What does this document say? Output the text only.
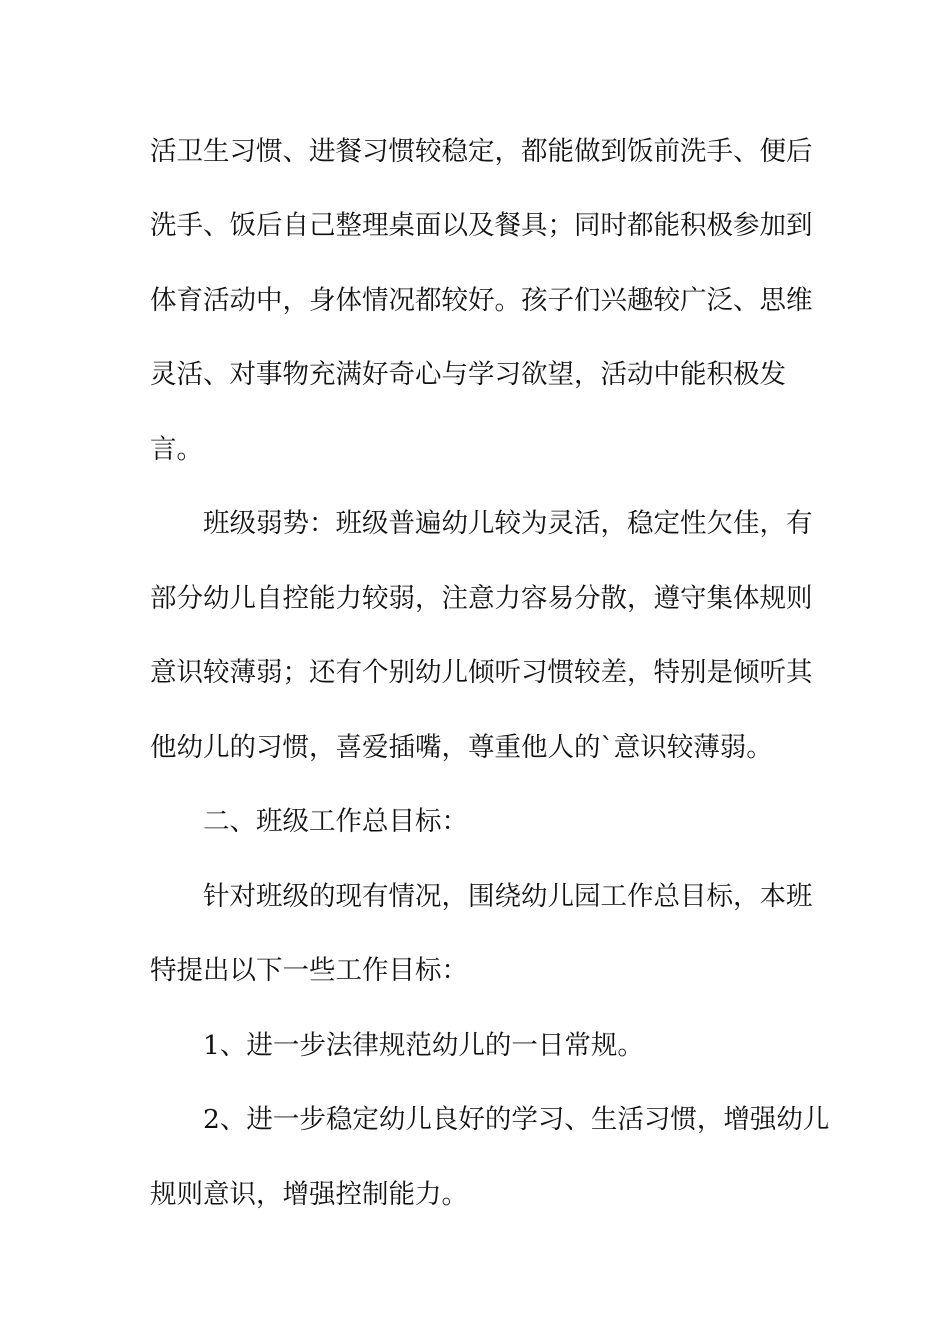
活卫生习惯、进餐习惯较稳定，都能做到饭前洗手、便后
洗手、饭后自己整理桌面以及餐具；同时都能积极参加到
体育活动中，身体情况都较好。孩子们兴趣较广泛、思维
灵活、对事物充满好奇心与学习欲望，活动中能积极发
言。
班级弱势：班级普遍幼儿较为灵活，稳定性欠佳，有
部分幼儿自控能力较弱，注意力容易分散，遵守集体规则
意识较薄弱；还有个别幼儿倾听习惯较差，特别是倾听其
他幼儿的习惯，喜爱插嘴，尊重他人的`意识较薄弱。
二、班级工作总目标：
针对班级的现有情况，围绕幼儿园工作总目标，本班
特提出以下一些工作目标：
1、进一步法律规范幼儿的一日常规。
2、进一步稳定幼儿良好的学习、生活习惯，增强幼儿
规则意识，增强控制能力。
